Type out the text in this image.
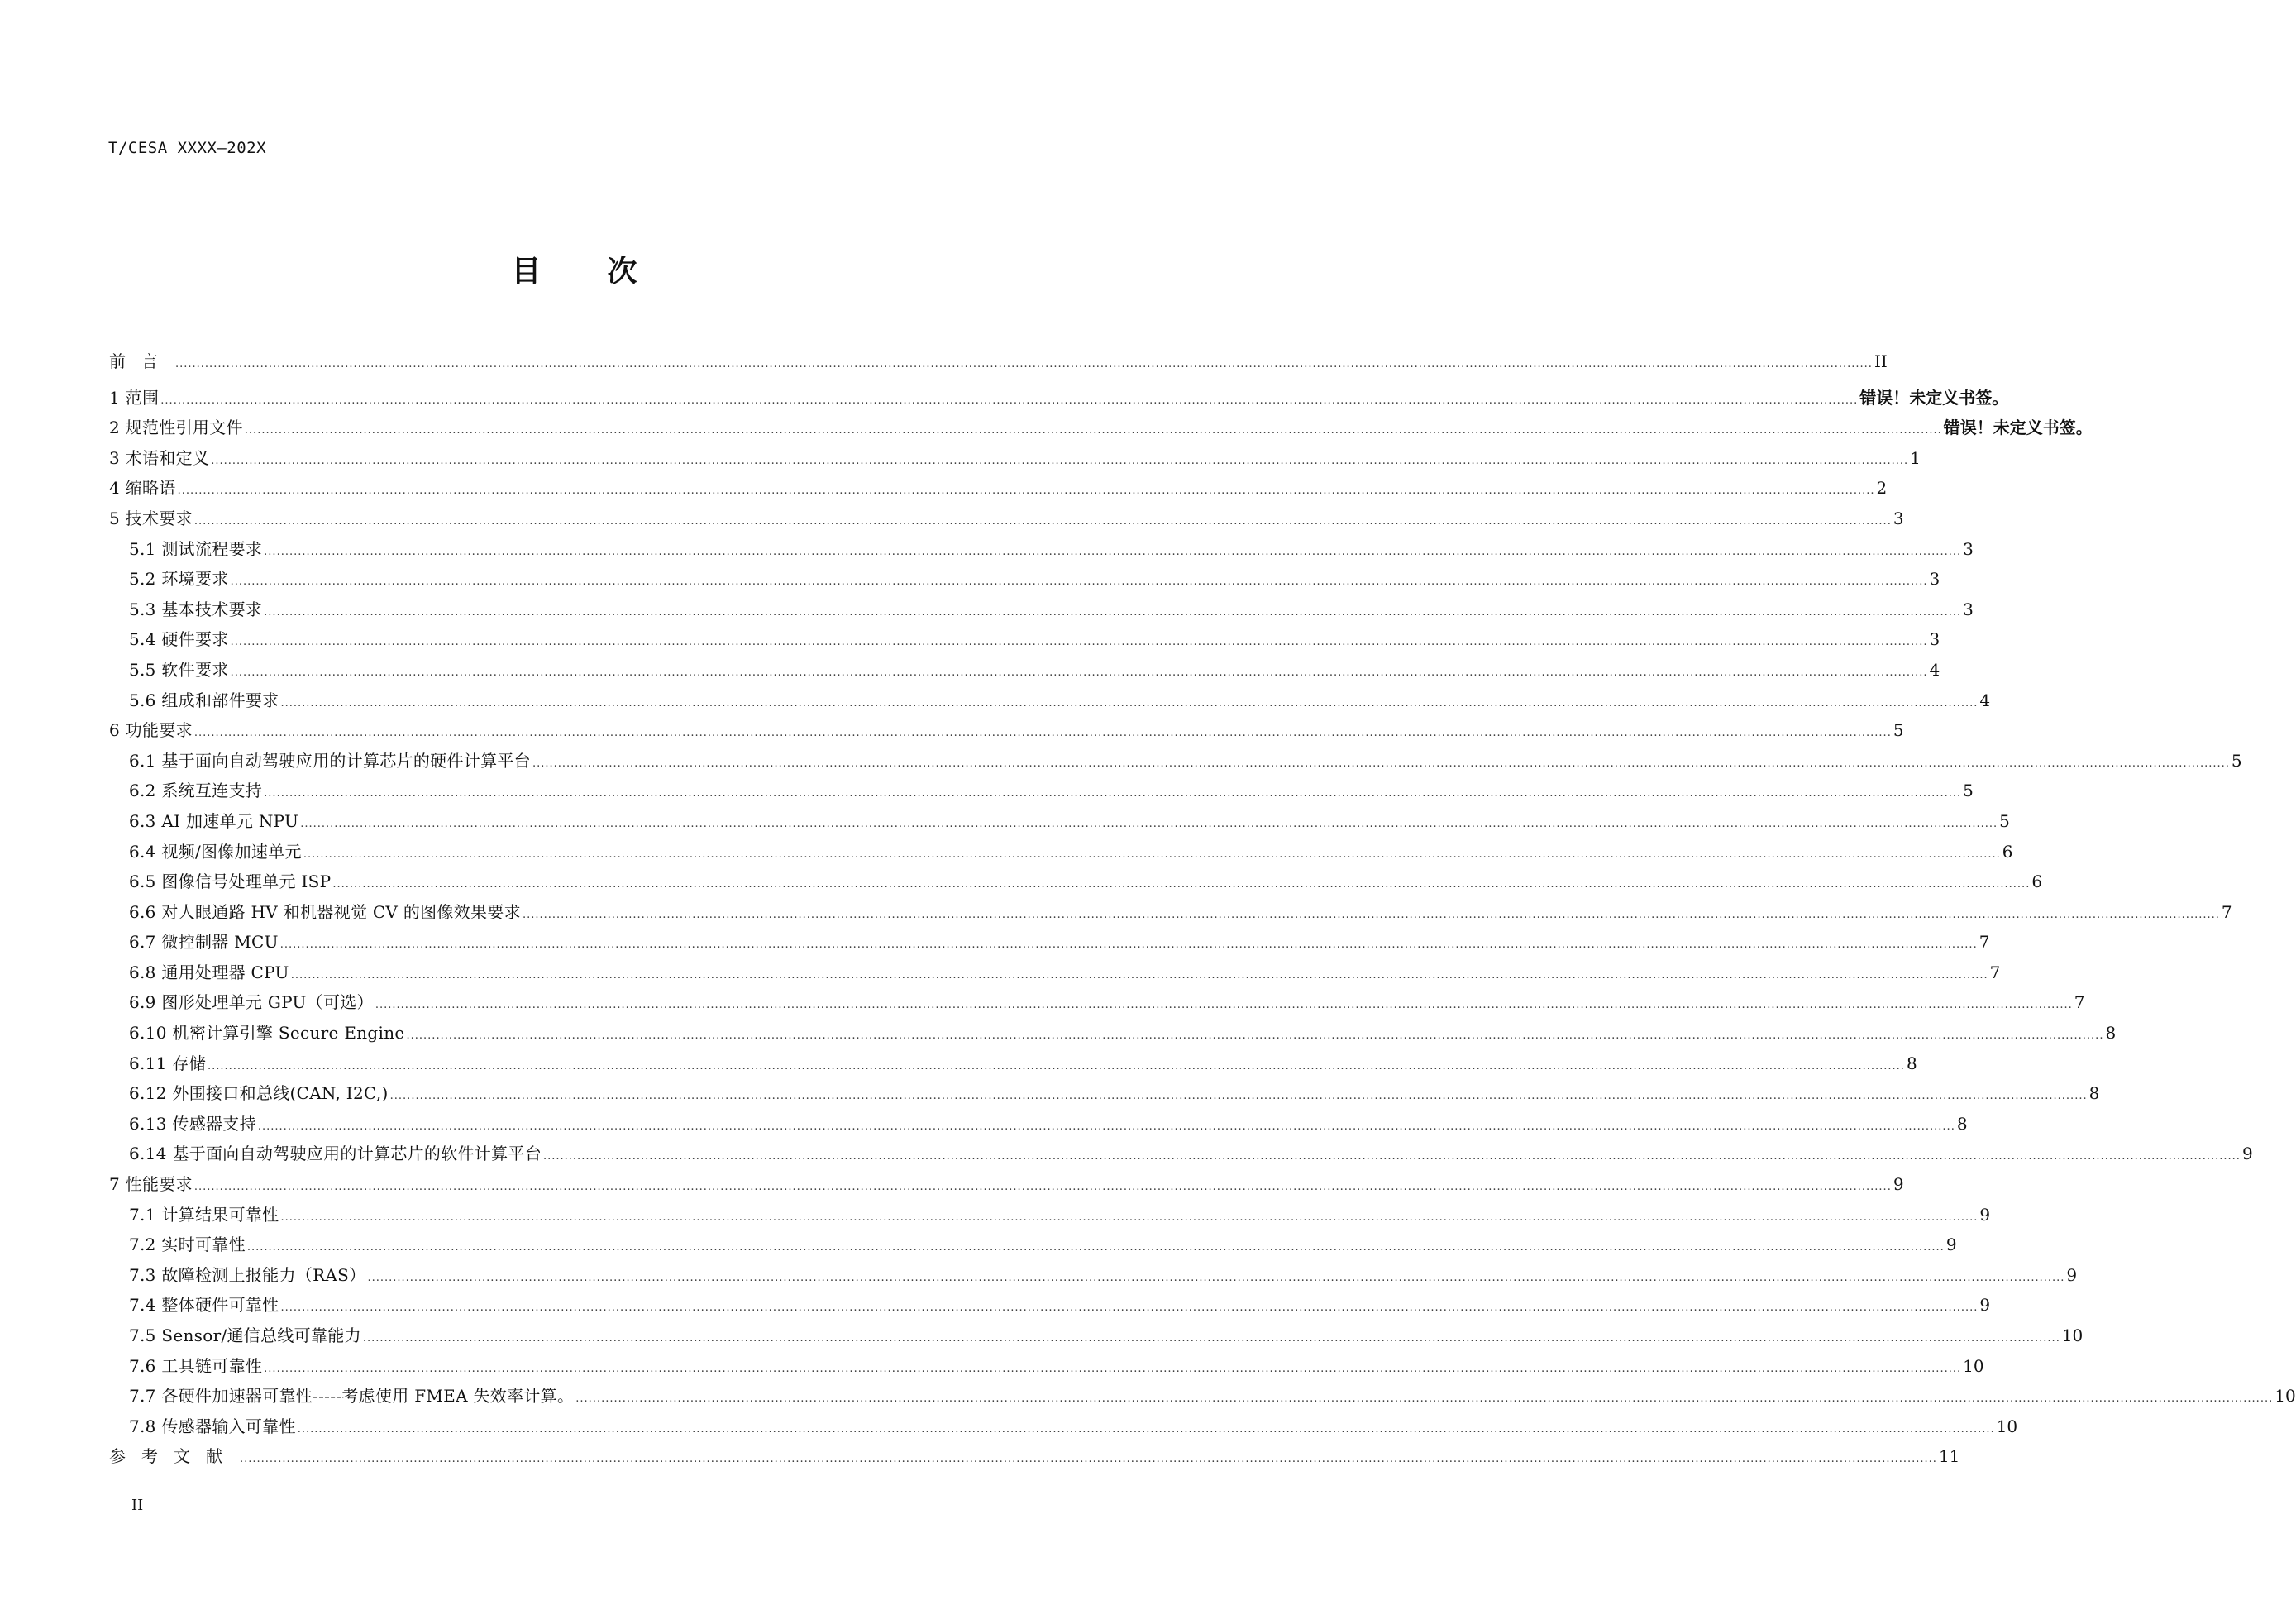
T/CESA XXXX—202X
目 次
前言 ................................................................................................................................................................................................................................................................................................................................................................................................................ II
1 范围 ................................................................................................................................................................................................................................................................................................................................................................................................................ 错误！未定义书签。
2 规范性引用文件 ................................................................................................................................................................................................................................................................................................................................................................................................................ 错误！未定义书签。
3 术语和定义 ................................................................................................................................................................................................................................................................................................................................................................................................................ 1
4 缩略语 ................................................................................................................................................................................................................................................................................................................................................................................................................ 2
5 技术要求 ................................................................................................................................................................................................................................................................................................................................................................................................................ 3
5.1 测试流程要求 ................................................................................................................................................................................................................................................................................................................................................................................................................ 3
5.2 环境要求 ................................................................................................................................................................................................................................................................................................................................................................................................................ 3
5.3 基本技术要求 ................................................................................................................................................................................................................................................................................................................................................................................................................ 3
5.4 硬件要求 ................................................................................................................................................................................................................................................................................................................................................................................................................ 3
5.5 软件要求 ................................................................................................................................................................................................................................................................................................................................................................................................................ 4
5.6 组成和部件要求 ................................................................................................................................................................................................................................................................................................................................................................................................................ 4
6 功能要求 ................................................................................................................................................................................................................................................................................................................................................................................................................ 5
6.1 基于面向自动驾驶应用的计算芯片的硬件计算平台 ................................................................................................................................................................................................................................................................................................................................................................................................................ 5
6.2 系统互连支持 ................................................................................................................................................................................................................................................................................................................................................................................................................ 5
6.3 AI 加速单元 NPU ................................................................................................................................................................................................................................................................................................................................................................................................................ 5
6.4 视频/图像加速单元 ................................................................................................................................................................................................................................................................................................................................................................................................................ 6
6.5 图像信号处理单元 ISP ................................................................................................................................................................................................................................................................................................................................................................................................................ 6
6.6 对人眼通路 HV 和机器视觉 CV 的图像效果要求 ................................................................................................................................................................................................................................................................................................................................................................................................................ 7
6.7 微控制器 MCU ................................................................................................................................................................................................................................................................................................................................................................................................................ 7
6.8 通用处理器 CPU ................................................................................................................................................................................................................................................................................................................................................................................................................ 7
6.9 图形处理单元 GPU（可选） ................................................................................................................................................................................................................................................................................................................................................................................................................ 7
6.10 机密计算引擎 Secure Engine ................................................................................................................................................................................................................................................................................................................................................................................................................ 8
6.11 存储 ................................................................................................................................................................................................................................................................................................................................................................................................................ 8
6.12 外围接口和总线(CAN, I2C,) ................................................................................................................................................................................................................................................................................................................................................................................................................ 8
6.13 传感器支持 ................................................................................................................................................................................................................................................................................................................................................................................................................ 8
6.14 基于面向自动驾驶应用的计算芯片的软件计算平台 ................................................................................................................................................................................................................................................................................................................................................................................................................ 9
7 性能要求 ................................................................................................................................................................................................................................................................................................................................................................................................................ 9
7.1 计算结果可靠性 ................................................................................................................................................................................................................................................................................................................................................................................................................ 9
7.2 实时可靠性 ................................................................................................................................................................................................................................................................................................................................................................................................................ 9
7.3 故障检测上报能力（RAS） ................................................................................................................................................................................................................................................................................................................................................................................................................ 9
7.4 整体硬件可靠性 ................................................................................................................................................................................................................................................................................................................................................................................................................ 9
7.5 Sensor/通信总线可靠能力 ................................................................................................................................................................................................................................................................................................................................................................................................................ 10
7.6 工具链可靠性 ................................................................................................................................................................................................................................................................................................................................................................................................................ 10
7.7 各硬件加速器可靠性-----考虑使用 FMEA 失效率计算。 ................................................................................................................................................................................................................................................................................................................................................................................................................ 10
7.8 传感器输入可靠性 ................................................................................................................................................................................................................................................................................................................................................................................................................ 10
参考文献 ................................................................................................................................................................................................................................................................................................................................................................................................................ 11
II
